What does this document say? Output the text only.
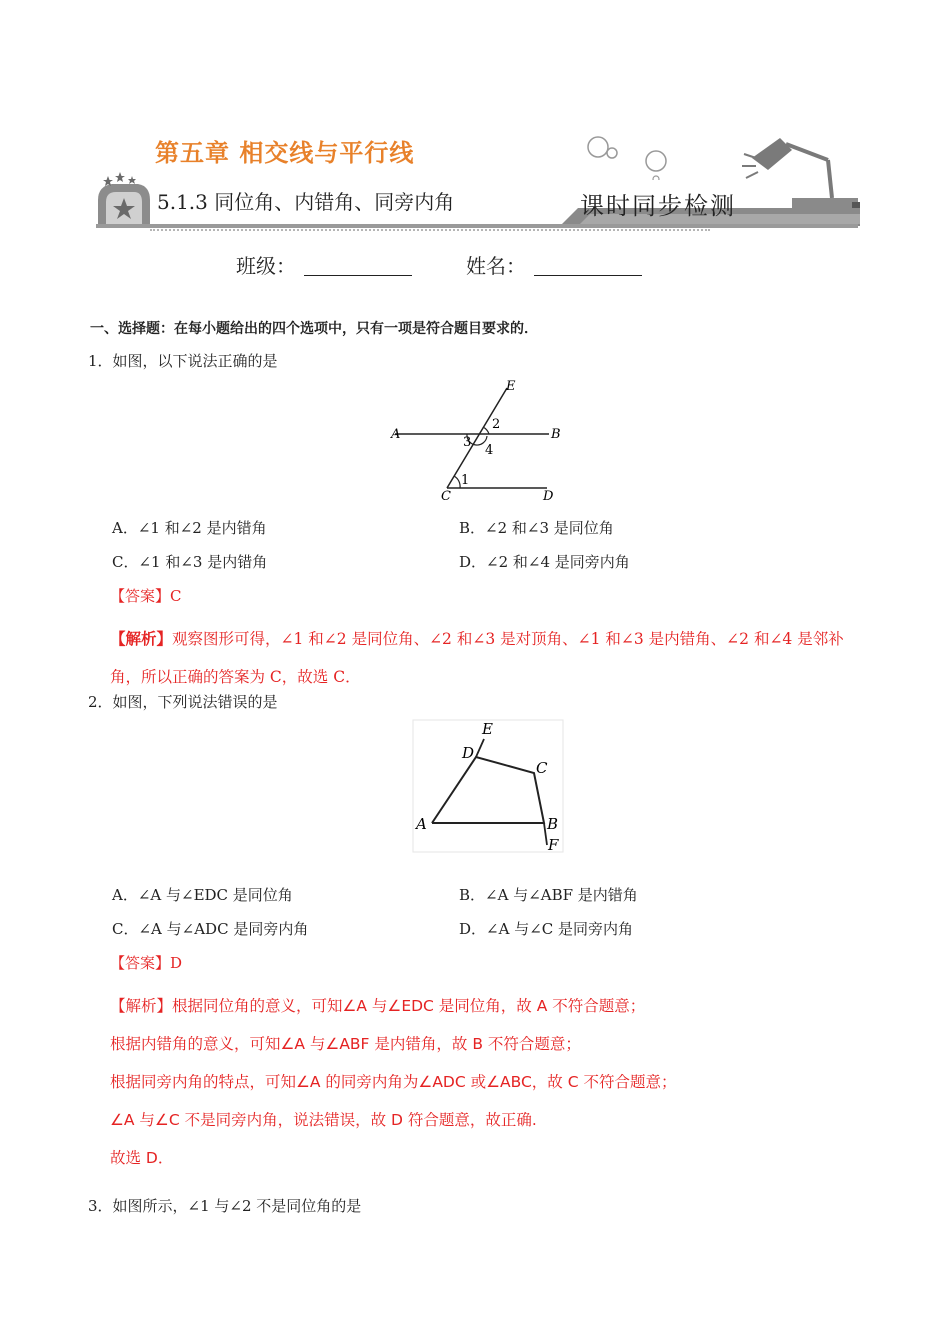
第五章 相交线与平行线
5.1.3 同位角、内错角、同旁内角	课时同步检测
班级：	姓名：
一、选择题：在每小题给出的四个选项中，只有一项是符合题目要求的．
1．如图，以下说法正确的是
E
2
A
3
B
4
1
C	D
A．∠1 和∠2 是内错角	B．∠2 和∠3 是同位角
C．∠1 和∠3 是内错角	D．∠2 和∠4 是同旁内角
【答案】C
【解析】观察图形可得，∠1 和∠2 是同位角、∠2 和∠3 是对顶角、∠1 和∠3 是内错角、∠2 和∠4 是邻补
角，所以正确的答案为 C，故选 C．
2．如图，下列说法错误的是
E
D
C
A	B
F
A．∠A 与∠EDC 是同位角	B．∠A 与∠ABF 是内错角
C．∠A 与∠ADC 是同旁内角	D．∠A 与∠C 是同旁内角
【答案】D
【解析】根据同位角的意义，可知∠A 与∠EDC 是同位角，故 A 不符合题意；
根据内错角的意义，可知∠A 与∠ABF 是内错角，故 B 不符合题意；
根据同旁内角的特点，可知∠A 的同旁内角为∠ADC 或∠ABC，故 C 不符合题意；
∠A 与∠C 不是同旁内角，说法错误，故 D 符合题意，故正确.
故选 D．
3．如图所示，∠1 与∠2 不是同位角的是
